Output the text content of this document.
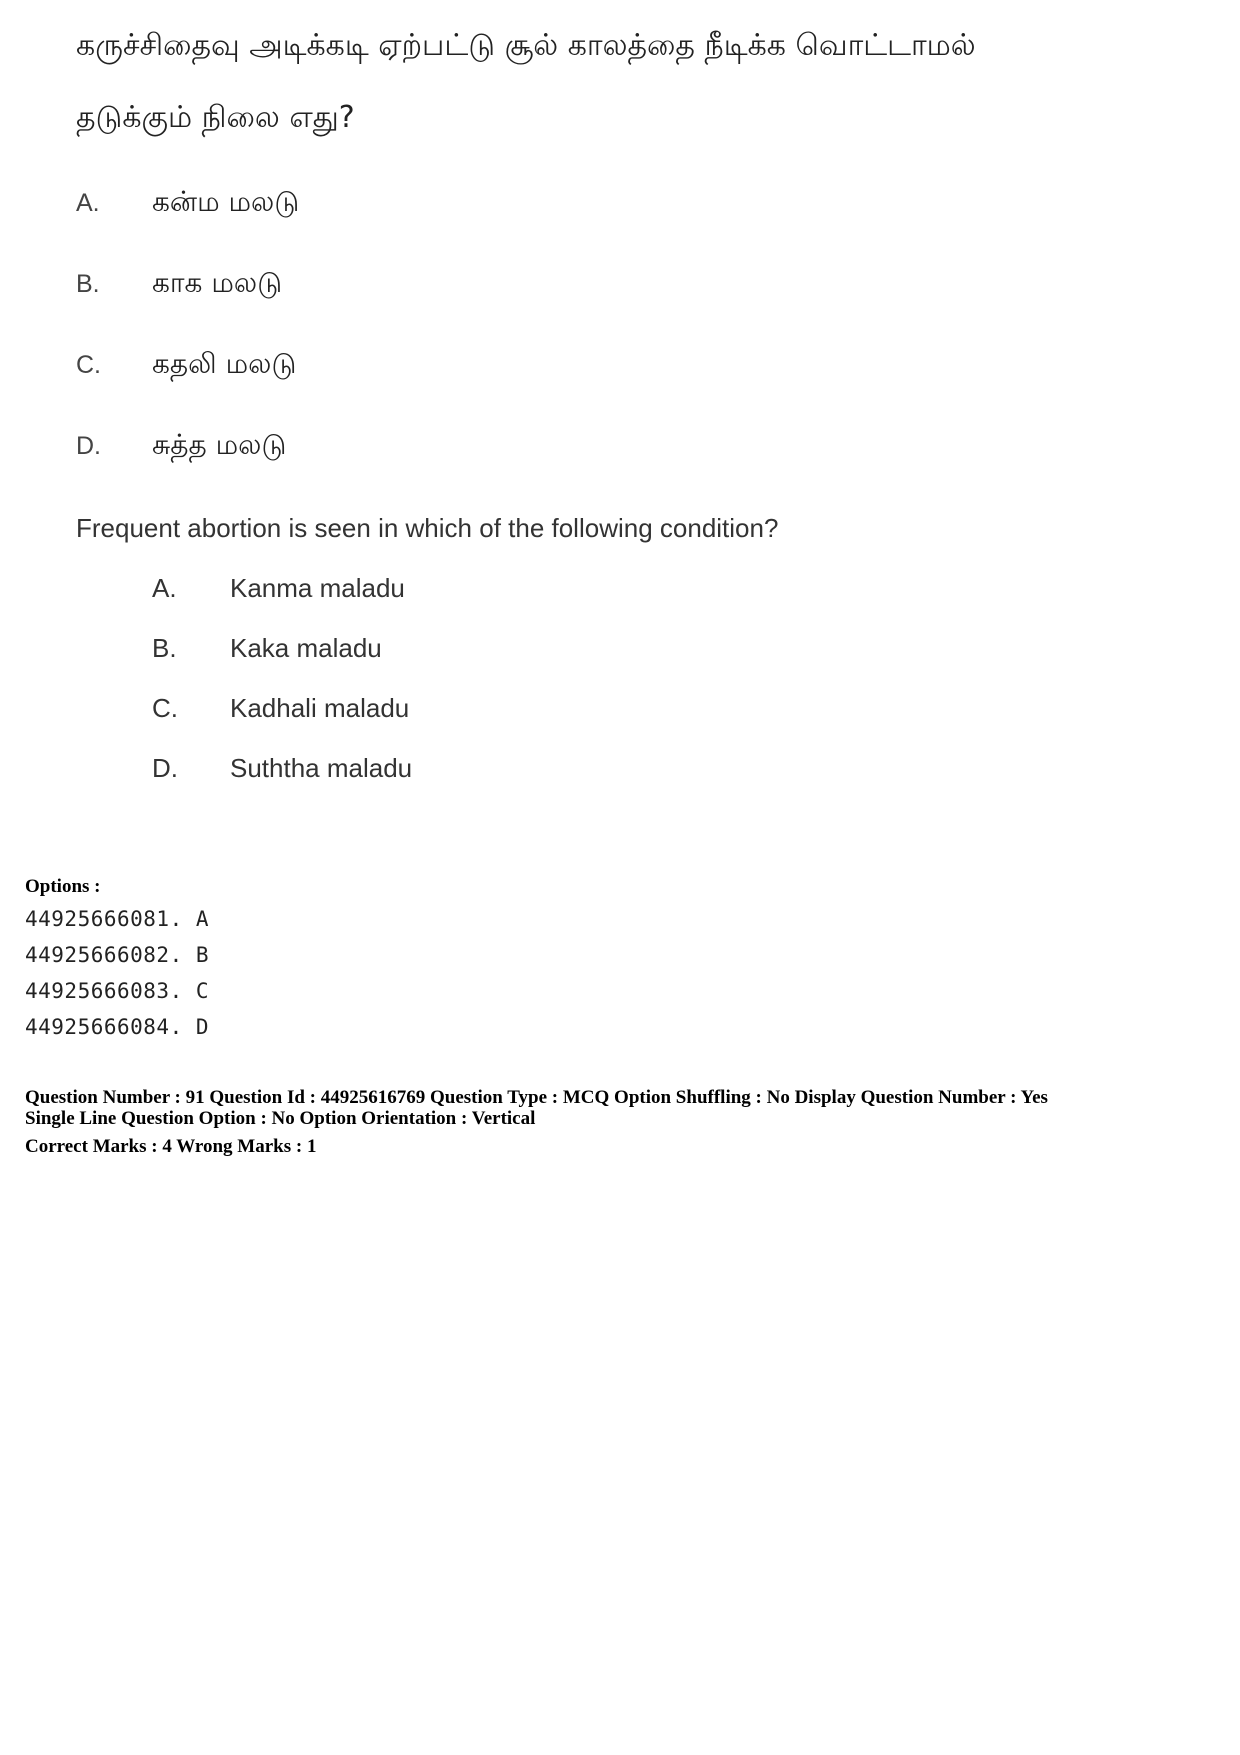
கருச்சிதைவு அடிக்கடி ஏற்பட்டு சூல் காலத்தை நீடிக்க வொட்டாமல்
தடுக்கும் நிலை எது?
A. கன்ம மலடு
B. காக மலடு
C. கதலி மலடு
D. சுத்த மலடு
Frequent abortion is seen in which of the following condition?
A. Kanma maladu
B. Kaka maladu
C. Kadhali maladu
D. Suththa maladu
Options :
44925666081. A
44925666082. B
44925666083. C
44925666084. D
Question Number : 91 Question Id : 44925616769 Question Type : MCQ Option Shuffling : No Display Question Number : Yes
Single Line Question Option : No Option Orientation : Vertical
Correct Marks : 4 Wrong Marks : 1
